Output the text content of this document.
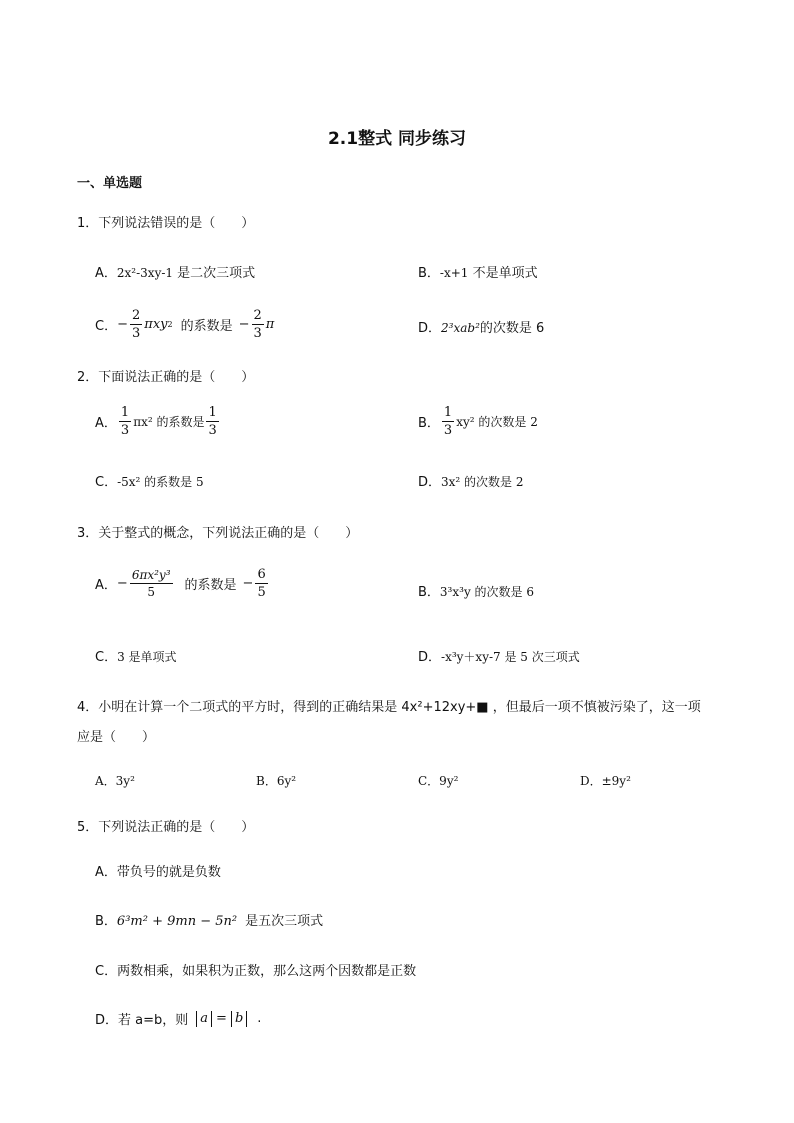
2.1整式 同步练习
一、单选题
1．下列说法错误的是（　　）
A．2x²-3xy-1 是二次三项式	B．-x+1 不是单项式
C． − $\frac{2}{3}$ π xy 2 的系数是 − $\frac{2}{3}$ π	D．2³xab²的次数是 6
2．下面说法正确的是（　　）
A． $\frac{1}{3} \pi x^2$ 的系数是 $\frac{1}{3}$	B． $\frac{1}{3} xy^2$ 的次数是 2
C．-5x² 的系数是 5	D．3x² 的次数是 2
3．关于整式的概念，下列说法正确的是（　　）
A． − $\frac{\text{6πx²y³}}{5}$ 的系数是 − $\frac{6}{5}$	B．3³x³y 的次数是 6
C．3 是单项式	D．-x³y＋xy-7 是 5 次三项式
4．小明在计算一个二项式的平方时，得到的正确结果是 4x²+12xy+■ ，但最后一项不慎被污染了，这一项
应是（　　）
A．3y²	B．6y²	C．9y²	D．±9y²
5．下列说法正确的是（　　）
A．带负号的就是负数
B．6³m² + 9mn − 5n² 是五次三项式
C．两数相乘，如果积为正数，那么这两个因数都是正数
D．若 a=b，则 a = b	.
